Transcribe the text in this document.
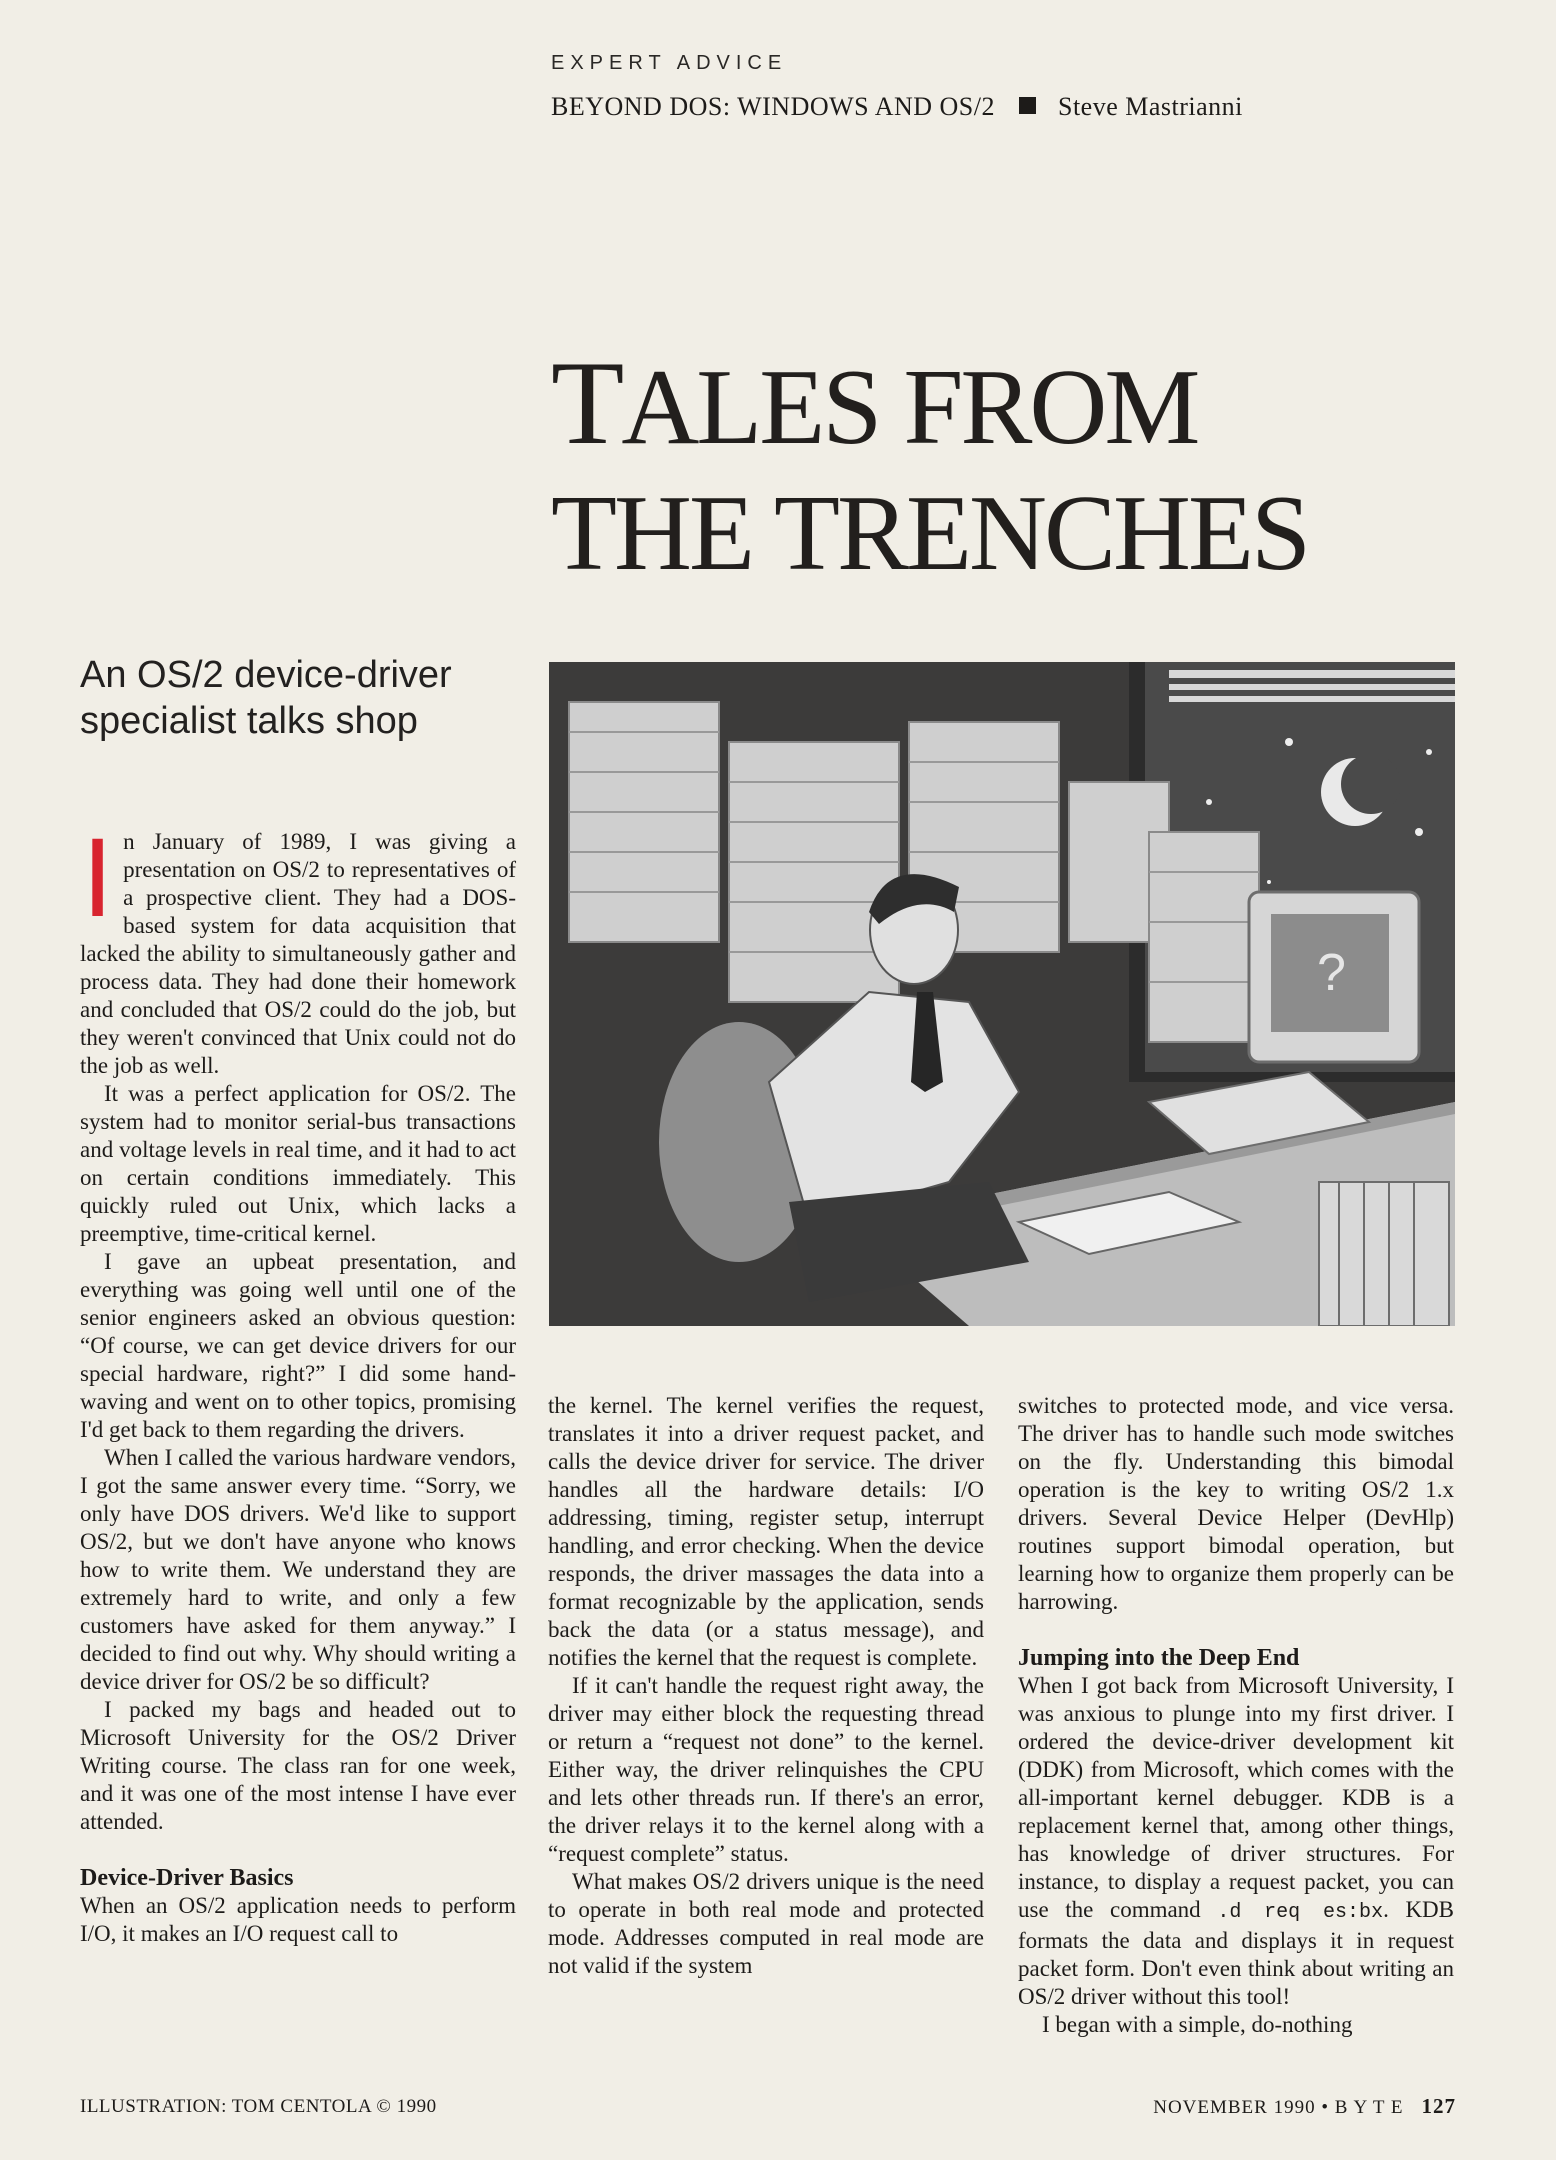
EXPERT ADVICE
BEYOND DOS: WINDOWS AND OS/2 Steve Mastrianni
TALES FROM
THE TRENCHES
An OS/2 device-driver specialist talks shop
?
I n January of 1989, I was giving a presentation on OS/2 to representatives of a prospective client. They had a DOS-based system for data acquisition that lacked the ability to simultaneously gather and process data. They had done their homework and concluded that OS/2 could do the job, but they weren't convinced that Unix could not do the job as well.

It was a perfect application for OS/2. The system had to monitor serial-bus transactions and voltage levels in real time, and it had to act on certain conditions immediately. This quickly ruled out Unix, which lacks a preemptive, time-critical kernel.

I gave an upbeat presentation, and everything was going well until one of the senior engineers asked an obvious question: “Of course, we can get device drivers for our special hardware, right?” I did some hand-waving and went on to other topics, promising I'd get back to them regarding the drivers.

When I called the various hardware vendors, I got the same answer every time. “Sorry, we only have DOS drivers. We'd like to support OS/2, but we don't have anyone who knows how to write them. We understand they are extremely hard to write, and only a few customers have asked for them anyway.” I decided to find out why. Why should writing a device driver for OS/2 be so difficult?

I packed my bags and headed out to Microsoft University for the OS/2 Driver Writing course. The class ran for one week, and it was one of the most intense I have ever attended.

Device-Driver Basics

When an OS/2 application needs to perform I/O, it makes an I/O request call to

the kernel. The kernel verifies the request, translates it into a driver request packet, and calls the device driver for service. The driver handles all the hardware details: I/O addressing, timing, register setup, interrupt handling, and error checking. When the device responds, the driver massages the data into a format recognizable by the application, sends back the data (or a status message), and notifies the kernel that the request is complete.

If it can't handle the request right away, the driver may either block the requesting thread or return a “request not done” to the kernel. Either way, the driver relinquishes the CPU and lets other threads run. If there's an error, the driver relays it to the kernel along with a “request complete” status.

What makes OS/2 drivers unique is the need to operate in both real mode and protected mode. Addresses computed in real mode are not valid if the system

switches to protected mode, and vice versa. The driver has to handle such mode switches on the fly. Understanding this bimodal operation is the key to writing OS/2 1.x drivers. Several Device Helper (DevHlp) routines support bimodal operation, but learning how to organize them properly can be harrowing.

Jumping into the Deep End

When I got back from Microsoft University, I was anxious to plunge into my first driver. I ordered the device-driver development kit (DDK) from Microsoft, which comes with the all-important kernel debugger. KDB is a replacement kernel that, among other things, has knowledge of driver structures. For instance, to display a request packet, you can use the command .d req es:bx. KDB formats the data and displays it in request packet form. Don't even think about writing an OS/2 driver without this tool!

I began with a simple, do-nothing

ILLUSTRATION: TOM CENTOLA © 1990	NOVEMBER 1990 • B Y T E 127
